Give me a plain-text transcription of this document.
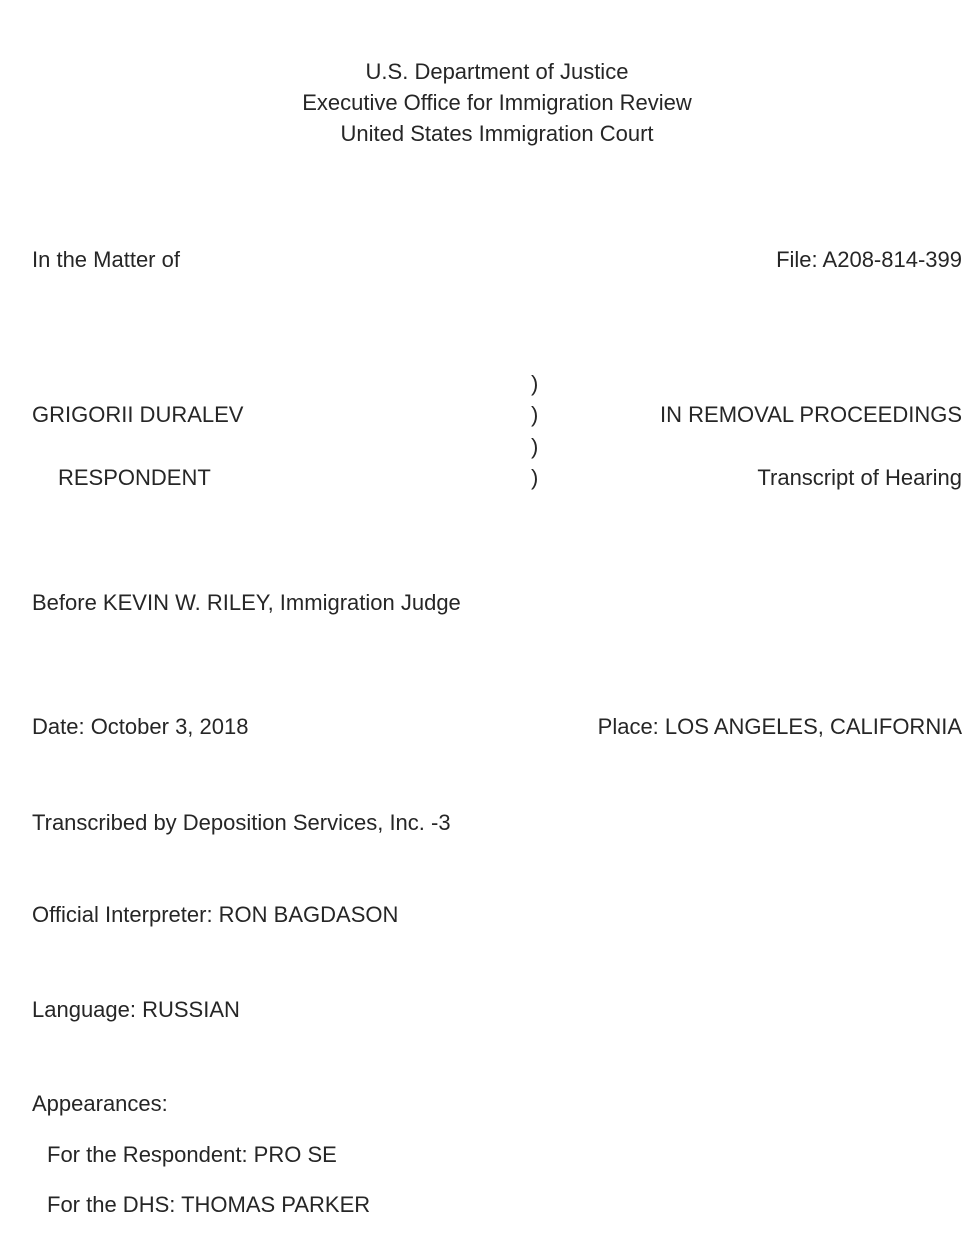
U.S. Department of Justice
Executive Office for Immigration Review
United States Immigration Court
In the Matter of	File: A208-814-399
)
)
)
)
GRIGORII DURALEV
RESPONDENT
IN REMOVAL PROCEEDINGS
Transcript of Hearing
Before KEVIN W. RILEY, Immigration Judge
Date: October 3, 2018	Place: LOS ANGELES, CALIFORNIA
Transcribed by Deposition Services, Inc. -3
Official Interpreter: RON BAGDASON
Language: RUSSIAN
Appearances:
For the Respondent: PRO SE
For the DHS: THOMAS PARKER
